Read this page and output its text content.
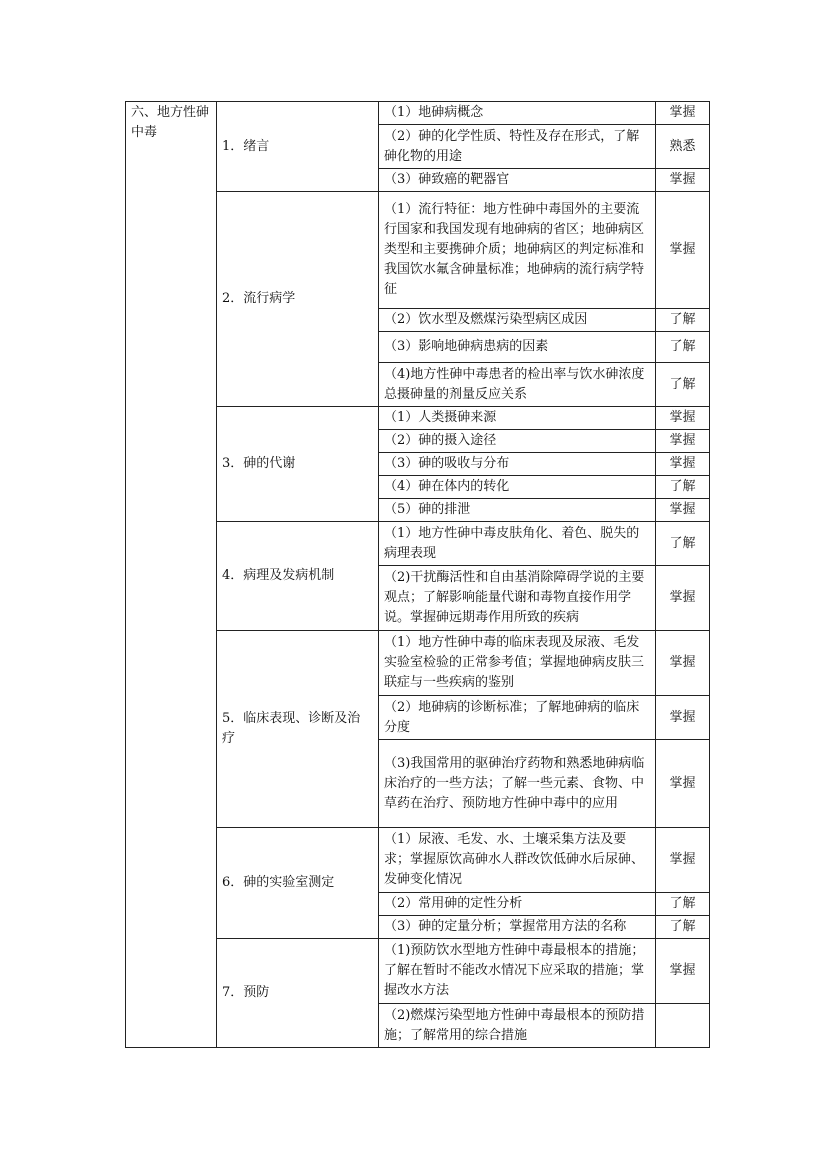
六、地方性砷中毒	1．绪言	（1）地砷病概念	掌握
		（2）砷的化学性质、特性及存在形式，了解砷化物的用途	熟悉
		（3）砷致癌的靶器官	掌握
	2．流行病学	（1）流行特征：地方性砷中毒国外的主要流行国家和我国发现有地砷病的省区；地砷病区类型和主要携砷介质；地砷病区的判定标准和我国饮水氟含砷量标准；地砷病的流行病学特征	掌握
		（2）饮水型及燃煤污染型病区成因	了解
		（3）影响地砷病患病的因素	了解
		（4)地方性砷中毒患者的检出率与饮水砷浓度总摄砷量的剂量反应关系	了解
	3．砷的代谢	（1）人类摄砷来源	掌握
		（2）砷的摄入途径	掌握
		（3）砷的吸收与分布	掌握
		（4）砷在体内的转化	了解
		（5）砷的排泄	掌握
	4．病理及发病机制	（1）地方性砷中毒皮肤角化、着色、脱失的病理表现	了解
		（2)干扰酶活性和自由基消除障碍学说的主要观点；了解影响能量代谢和毒物直接作用学说。掌握砷远期毒作用所致的疾病	掌握
	5．临床表现、诊断及治疗	（1）地方性砷中毒的临床表现及尿液、毛发实验室检验的正常参考值；掌握地砷病皮肤三联症与一些疾病的鉴别	掌握
		（2）地砷病的诊断标准；了解地砷病的临床分度	掌握
		（3)我国常用的驱砷治疗药物和熟悉地砷病临床治疗的一些方法；了解一些元素、食物、中草药在治疗、预防地方性砷中毒中的应用	掌握
	6．砷的实验室测定	（1）尿液、毛发、水、土壤采集方法及要求；掌握原饮高砷水人群改饮低砷水后尿砷、发砷变化情况	掌握
		（2）常用砷的定性分析	了解
		（3）砷的定量分析；掌握常用方法的名称	了解
	7．预防	（1)预防饮水型地方性砷中毒最根本的措施；了解在暂时不能改水情况下应采取的措施；掌握改水方法	掌握
		（2)燃煤污染型地方性砷中毒最根本的预防措施；了解常用的综合措施	
